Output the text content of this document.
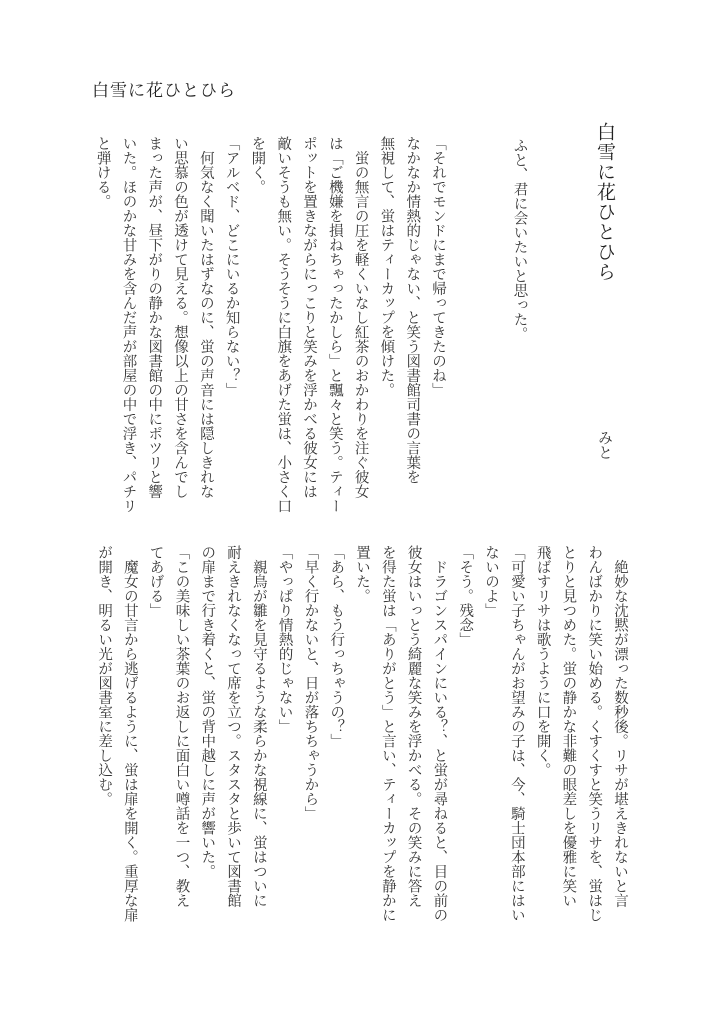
白雪に花ひとひら
白雪に花ひとひら
ふと、君に会いたいと思った。
みと
「それでモンドにまで帰ってきたのね」
なかなか情熱的じゃない、と笑う図書館司書の言葉を
無視して、蛍はティーカップを傾けた。
　蛍の無言の圧を軽くいなし紅茶のおかわりを注ぐ彼女
は「ご機嫌を損ねちゃったかしら」と飄々と笑う。ティー
ポットを置きながらにっこりと笑みを浮かべる彼女には
敵いそうも無い。そうそうに白旗をあげた蛍は、小さく口
を開く。
「アルベド、どこにいるか知らない？」
　何気なく聞いたはずなのに、蛍の声音には隠しきれな
い思慕の色が透けて見える。想像以上の甘さを含んでし
まった声が、昼下がりの静かな図書館の中にポツリと響
いた。ほのかな甘みを含んだ声が部屋の中で浮き、パチリ
と弾ける。
　絶妙な沈黙が漂った数秒後。リサが堪えきれないと言
わんばかりに笑い始める。くすくすと笑うリサを、蛍はじ
とりと見つめた。蛍の静かな非難の眼差しを優雅に笑い
飛ばすリサは歌うように口を開く。
「可愛い子ちゃんがお望みの子は、今、騎士団本部にはい
ないのよ」
「そう。残念」
　ドラゴンスパインにいる？、と蛍が尋ねると、目の前の
彼女はいっとう綺麗な笑みを浮かべる。その笑みに答え
を得た蛍は「ありがとう」と言い、ティーカップを静かに
置いた。
「あら、もう行っちゃうの？」
「早く行かないと、日が落ちちゃうから」
「やっぱり情熱的じゃない」
　親鳥が雛を見守るような柔らかな視線に、蛍はついに
耐えきれなくなって席を立つ。スタスタと歩いて図書館
の扉まで行き着くと、蛍の背中越しに声が響いた。
「この美味しい茶葉のお返しに面白い噂話を一つ、教え
てあげる」
　魔女の甘言から逃げるように、蛍は扉を開く。重厚な扉
が開き、明るい光が図書室に差し込む。
